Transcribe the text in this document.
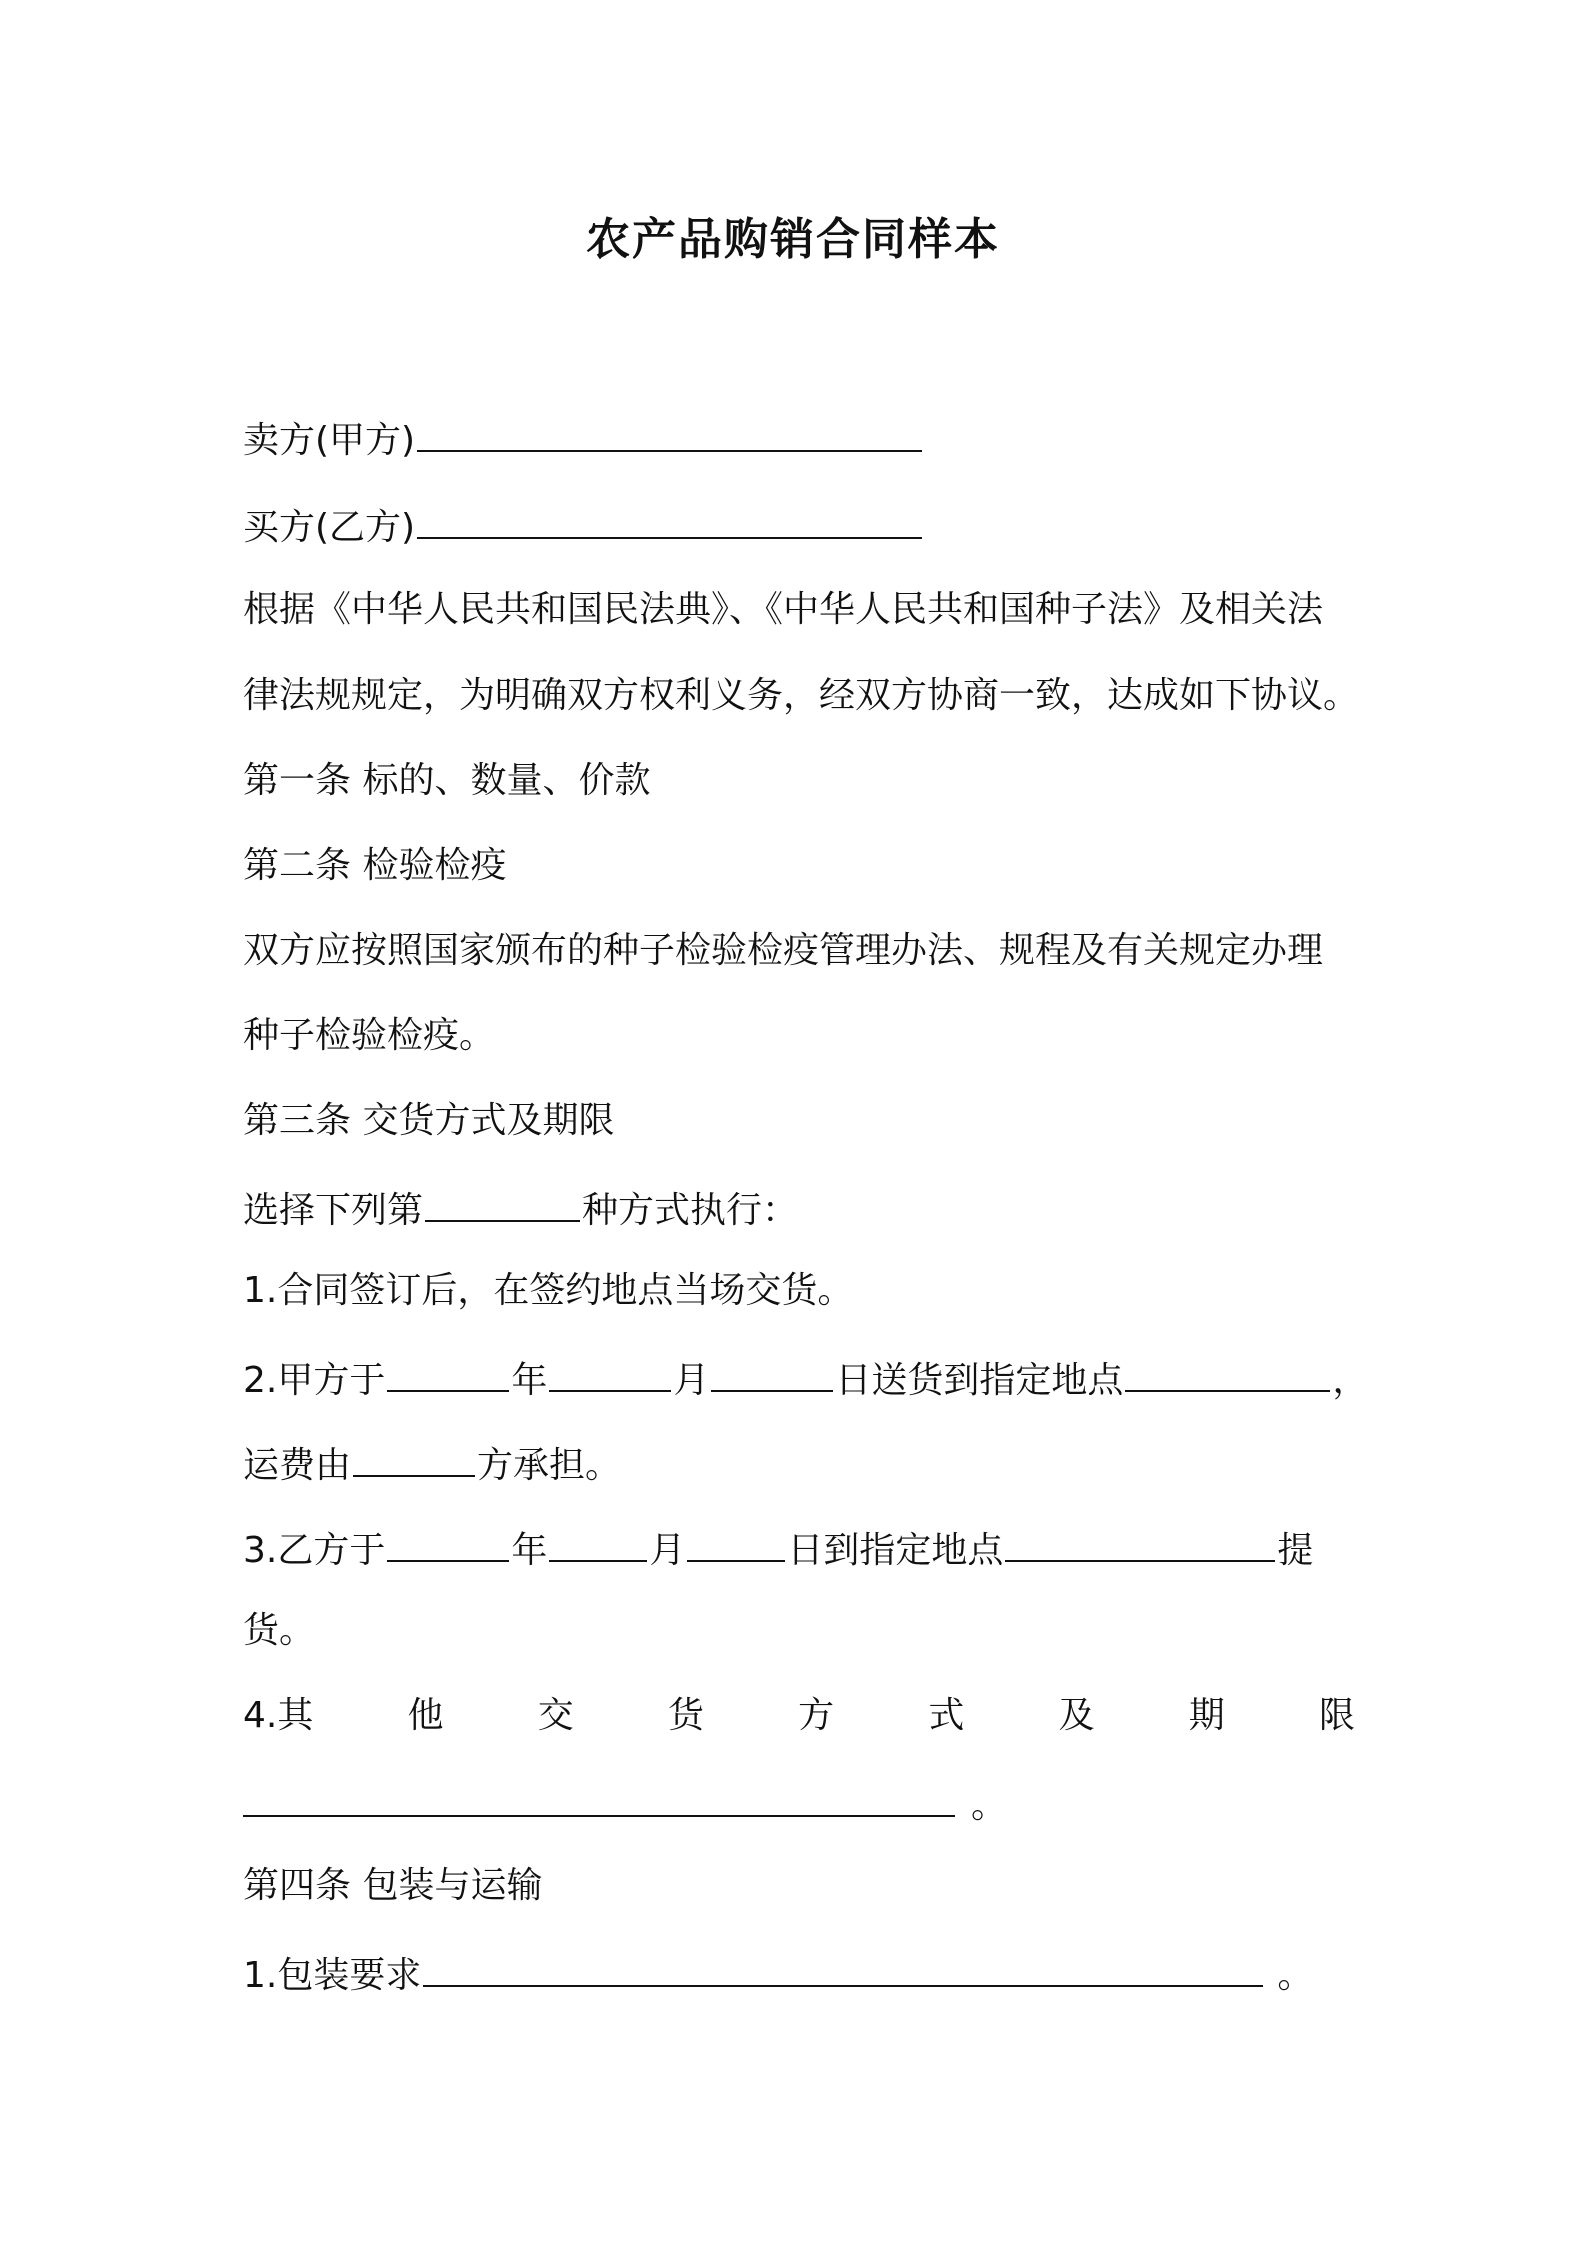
农产品购销合同样本
卖方(甲方)
买方(乙方)
根据《中华人民共和国民法典》、《中华人民共和国种子法》及相关法
律法规规定，为明确双方权利义务，经双方协商一致，达成如下协议。
第一条 标的、数量、价款
第二条 检验检疫
双方应按照国家颁布的种子检验检疫管理办法、规程及有关规定办理
种子检验检疫。
第三条 交货方式及期限
选择下列第	种方式执行：
1.合同签订后，在签约地点当场交货。
2.甲方于	年	月	日送货到指定地点	，
运费由	方承担。
3.乙方于	年	月	日到指定地点	提
货。
4.其	他	交	货	方	式	及	期	限
。
第四条 包装与运输
1.包装要求	。
